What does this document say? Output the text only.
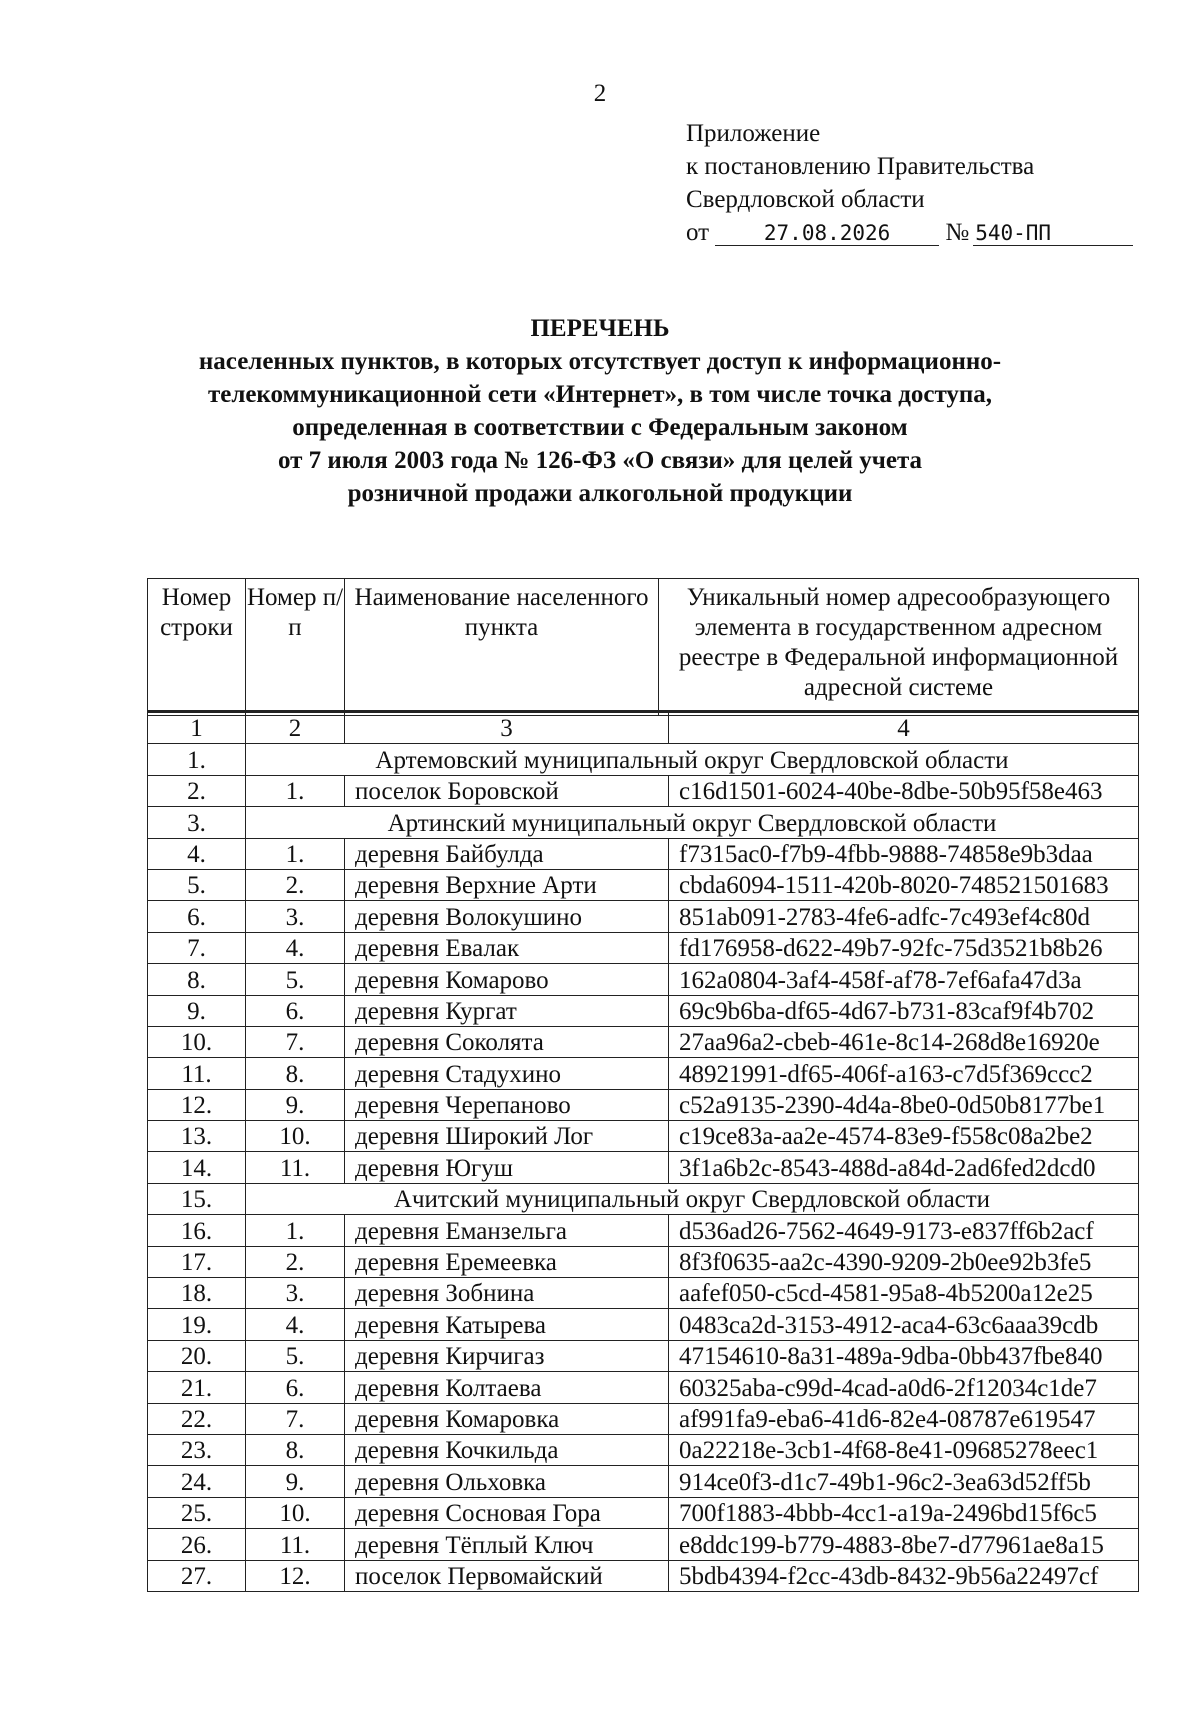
2
Приложение
к постановлению Правительства
Свердловской области
от	27.08.2026 № 540-ПП
ПЕРЕЧЕНЬ
населенных пунктов, в которых отсутствует доступ к информационно-
телекоммуникационной сети «Интернет», в том числе точка доступа,
определенная в соответствии с Федеральным законом
от 7 июля 2003 года № 126-ФЗ «О связи» для целей учета
розничной продажи алкогольной продукции
Номер строки	Номер п/п	Наименование населенного пункта	Уникальный номер адресообразующего элемента в государственном адресном реестре в Федеральной информационной адресной системе
1	2	3	4
1.	Артемовский муниципальный округ Свердловской области		
2.	1.	поселок Боровской	c16d1501-6024-40be-8dbe-50b95f58e463
3.	Артинский муниципальный округ Свердловской области		
4.	1.	деревня Байбулда	f7315ac0-f7b9-4fbb-9888-74858e9b3daa
5.	2.	деревня Верхние Арти	cbda6094-1511-420b-8020-748521501683
6.	3.	деревня Волокушино	851ab091-2783-4fe6-adfc-7c493ef4c80d
7.	4.	деревня Евалак	fd176958-d622-49b7-92fc-75d3521b8b26
8.	5.	деревня Комарово	162a0804-3af4-458f-af78-7ef6afa47d3a
9.	6.	деревня Кургат	69c9b6ba-df65-4d67-b731-83caf9f4b702
10.	7.	деревня Соколята	27aa96a2-cbeb-461e-8c14-268d8e16920e
11.	8.	деревня Стадухино	48921991-df65-406f-a163-c7d5f369ccc2
12.	9.	деревня Черепаново	c52a9135-2390-4d4a-8be0-0d50b8177be1
13.	10.	деревня Широкий Лог	c19ce83a-aa2e-4574-83e9-f558c08a2be2
14.	11.	деревня Югуш	3f1a6b2c-8543-488d-a84d-2ad6fed2dcd0
15.	Ачитский муниципальный округ Свердловской области		
16.	1.	деревня Еманзельга	d536ad26-7562-4649-9173-e837ff6b2acf
17.	2.	деревня Еремеевка	8f3f0635-aa2c-4390-9209-2b0ee92b3fe5
18.	3.	деревня Зобнина	aafef050-c5cd-4581-95a8-4b5200a12e25
19.	4.	деревня Катырева	0483ca2d-3153-4912-aca4-63c6aaa39cdb
20.	5.	деревня Кирчигаз	47154610-8a31-489a-9dba-0bb437fbe840
21.	6.	деревня Колтаева	60325aba-c99d-4cad-a0d6-2f12034c1de7
22.	7.	деревня Комаровка	af991fa9-eba6-41d6-82e4-08787e619547
23.	8.	деревня Кочкильда	0a22218e-3cb1-4f68-8e41-09685278eec1
24.	9.	деревня Ольховка	914ce0f3-d1c7-49b1-96c2-3ea63d52ff5b
25.	10.	деревня Сосновая Гора	700f1883-4bbb-4cc1-a19a-2496bd15f6c5
26.	11.	деревня Тёплый Ключ	e8ddc199-b779-4883-8be7-d77961ae8a15
27.	12.	поселок Первомайский	5bdb4394-f2cc-43db-8432-9b56a22497cf
